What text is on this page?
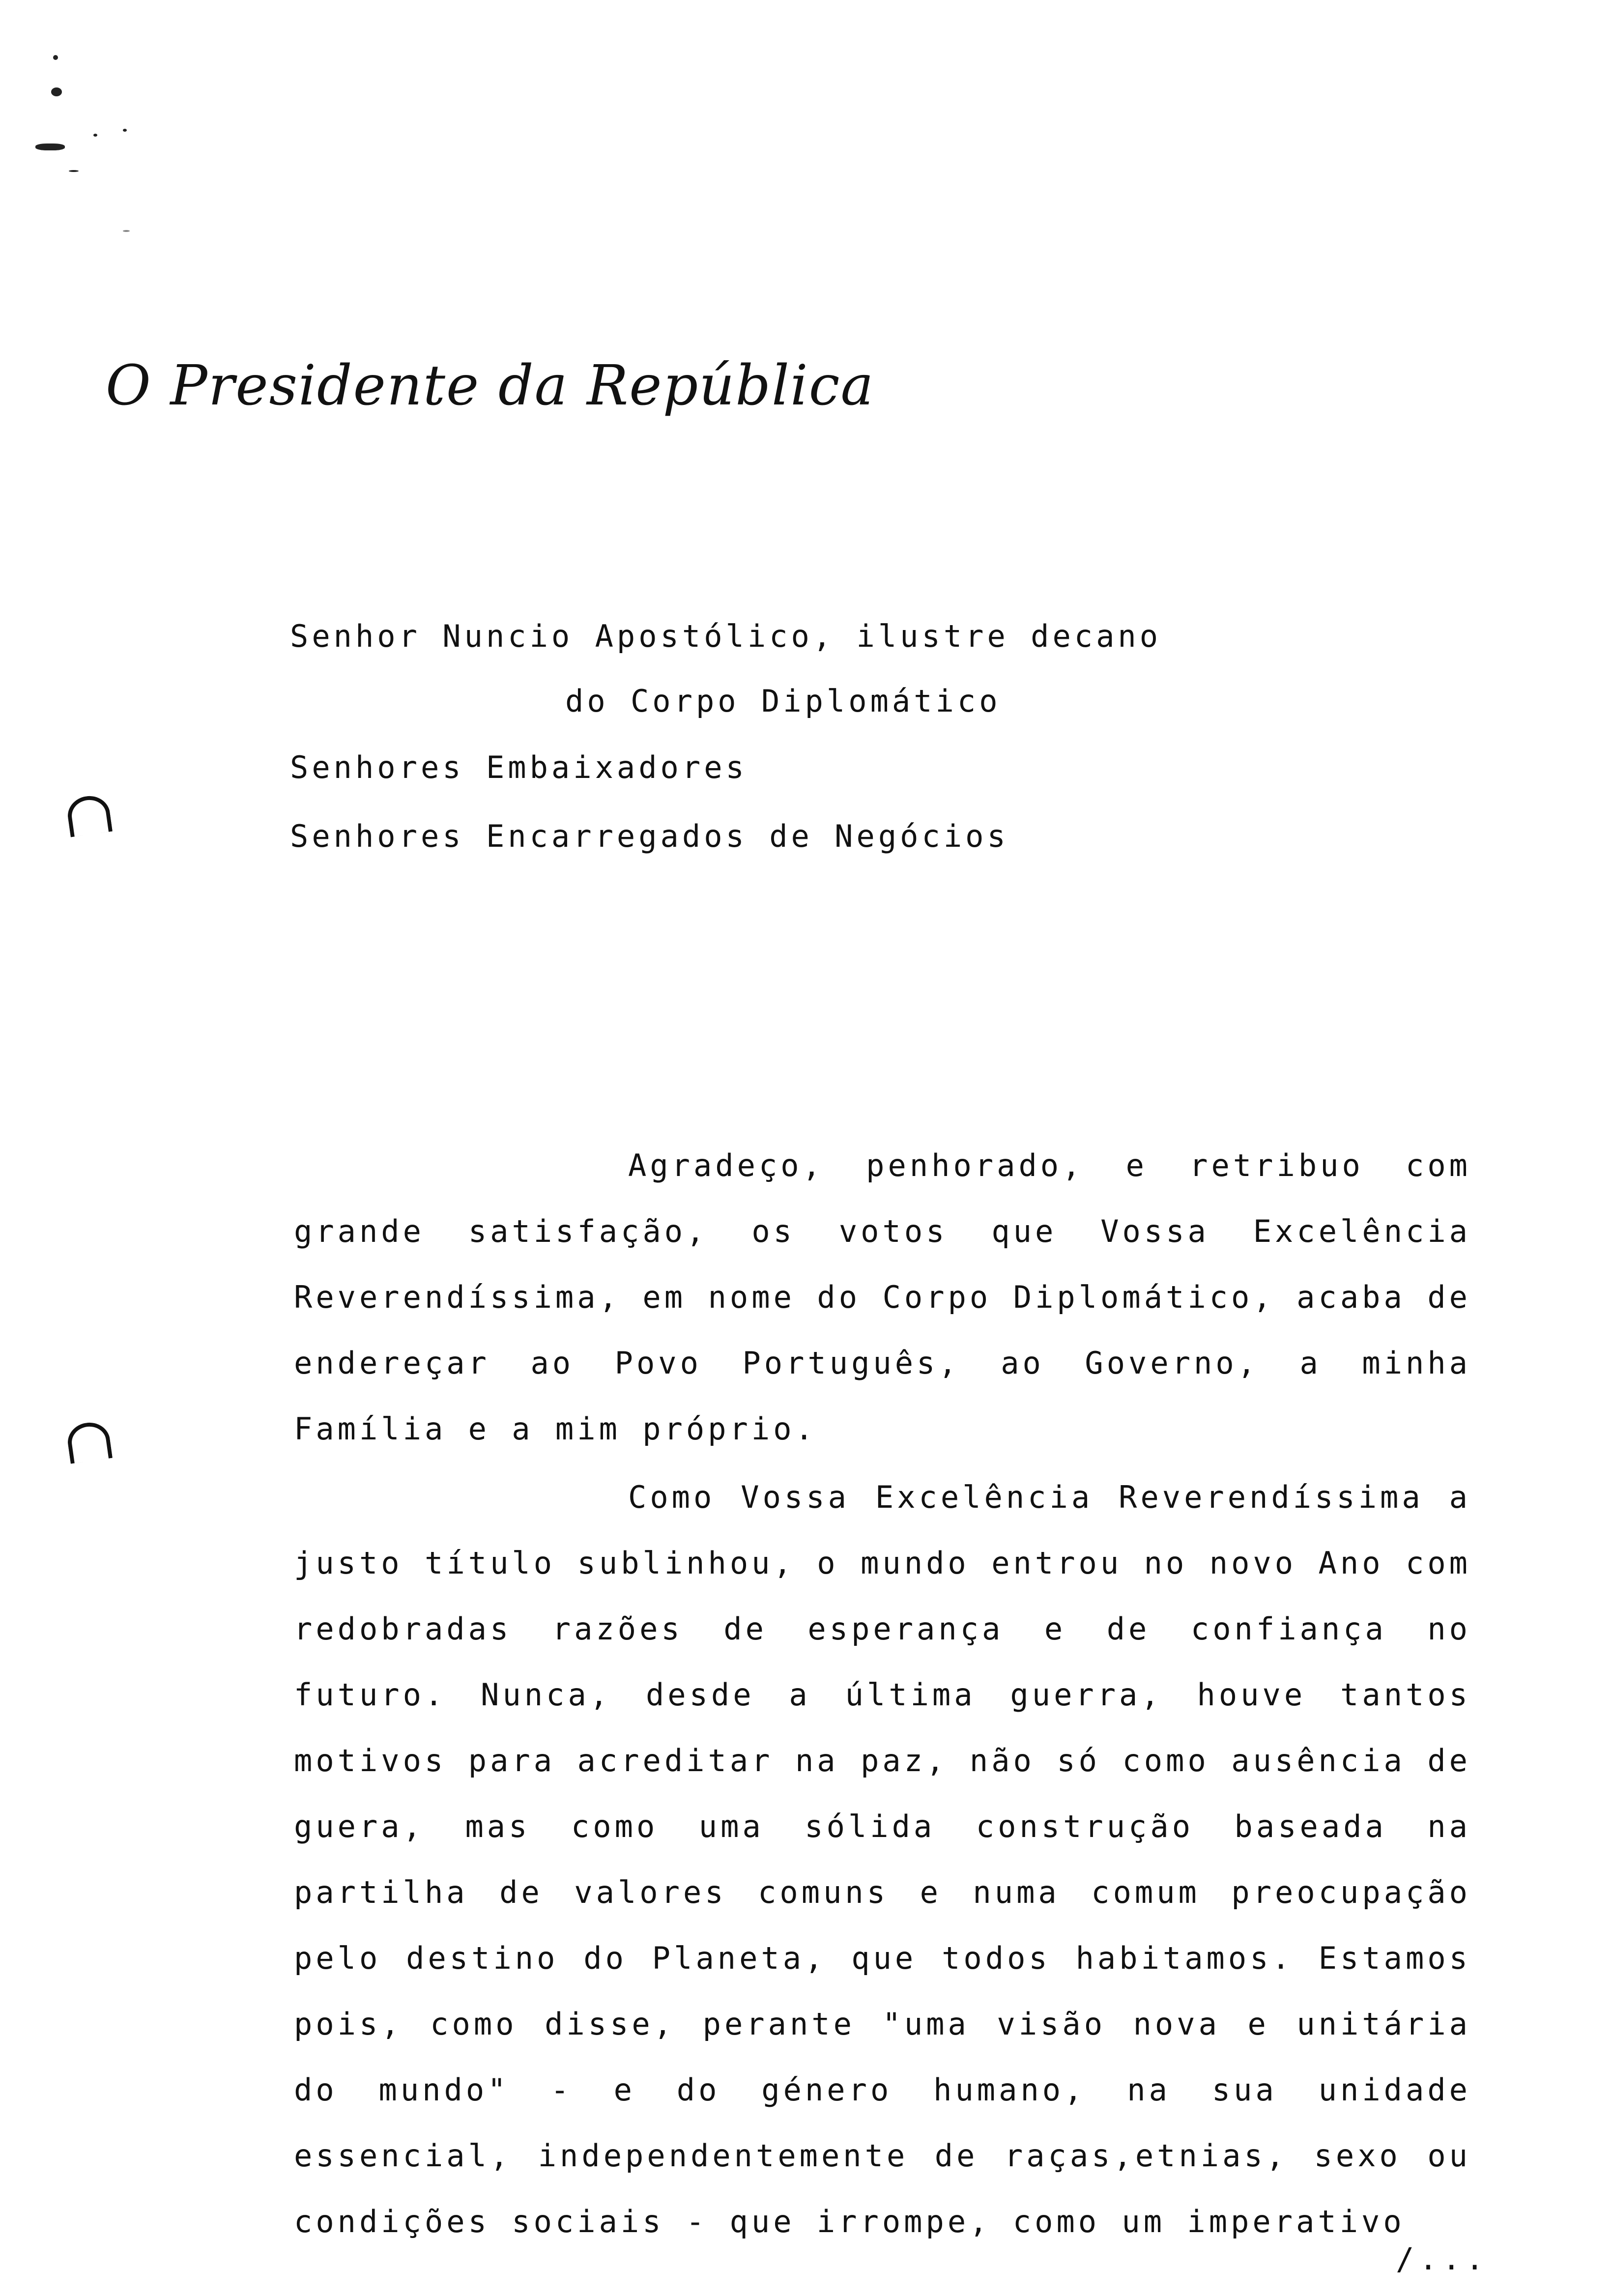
O Presidente da República
Senhor Nuncio Apostólico, ilustre decano
do Corpo Diplomático
Senhores Embaixadores
Senhores Encarregados de Negócios

Agradeço, penhorado, e retribuo com grande satisfação, os votos que Vossa Excelência Reverendíssima, em nome do Corpo Diplomático, acaba de endereçar ao Povo Português, ao Governo, a minha Família e a mim próprio.

Como Vossa Excelência Reverendíssima a justo título sublinhou, o mundo entrou no novo Ano com redobradas razões de esperança e de confiança no futuro. Nunca, desde a última guerra, houve tantos motivos para acreditar na paz, não só como ausência de guera, mas como uma sólida construção baseada na partilha de valores comuns e numa comum preocupação pelo destino do Planeta, que todos habitamos. Estamos pois, como disse, perante "uma visão nova e unitária do mundo" - e do género humano, na sua unidade essencial, independentemente de raças,etnias, sexo ou condições sociais - que irrompe, como um imperativo

/...
